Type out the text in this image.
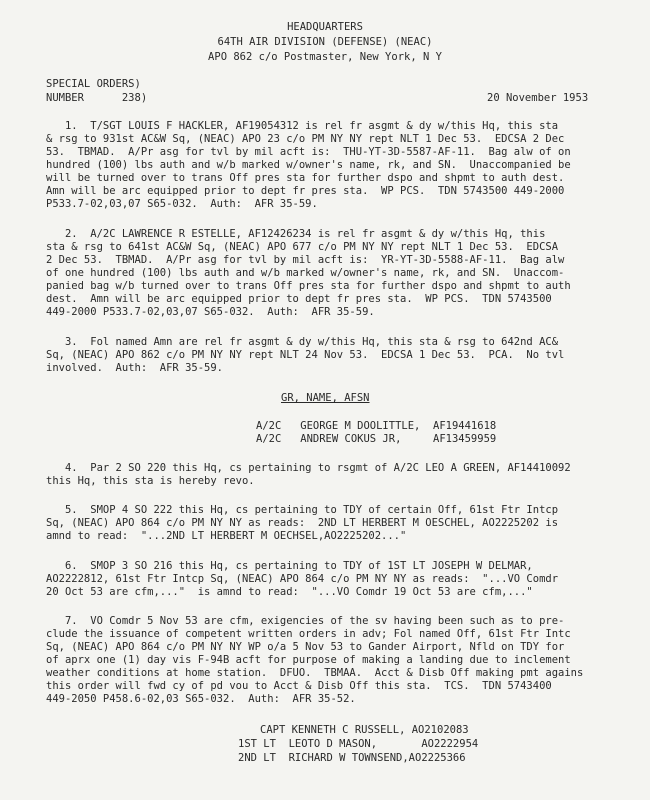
HEADQUARTERS
64TH AIR DIVISION (DEFENSE) (NEAC)
APO 862 c/o Postmaster, New York, N Y
SPECIAL ORDERS)
NUMBER      238)	20 November 1953
1.  T/SGT LOUIS F HACKLER, AF19054312 is rel fr asgmt & dy w/this Hq, this sta
& rsg to 931st AC&W Sq, (NEAC) APO 23 c/o PM NY NY rept NLT 1 Dec 53.  EDCSA 2 Dec
53.  TBMAD.  A/Pr asg for tvl by mil acft is:  THU-YT-3D-5587-AF-11.  Bag alw of on
hundred (100) lbs auth and w/b marked w/owner's name, rk, and SN.  Unaccompanied be
will be turned over to trans Off pres sta for further dspo and shpmt to auth dest.
Amn will be arc equipped prior to dept fr pres sta.  WP PCS.  TDN 5743500 449-2000
P533.7-02,03,07 S65-032.  Auth:  AFR 35-59.
2.  A/2C LAWRENCE R ESTELLE, AF12426234 is rel fr asgmt & dy w/this Hq, this
sta & rsg to 641st AC&W Sq, (NEAC) APO 677 c/o PM NY NY rept NLT 1 Dec 53.  EDCSA
2 Dec 53.  TBMAD.  A/Pr asg for tvl by mil acft is:  YR-YT-3D-5588-AF-11.  Bag alw
of one hundred (100) lbs auth and w/b marked w/owner's name, rk, and SN.  Unaccom-
panied bag w/b turned over to trans Off pres sta for further dspo and shpmt to auth
dest.  Amn will be arc equipped prior to dept fr pres sta.  WP PCS.  TDN 5743500
449-2000 P533.7-02,03,07 S65-032.  Auth:  AFR 35-59.
3.  Fol named Amn are rel fr asgmt & dy w/this Hq, this sta & rsg to 642nd AC&
Sq, (NEAC) APO 862 c/o PM NY NY rept NLT 24 Nov 53.  EDCSA 1 Dec 53.  PCA.  No tvl
involved.  Auth:  AFR 35-59.
GR, NAME, AFSN
A/2C   GEORGE M DOOLITTLE,  AF19441618
A/2C   ANDREW COKUS JR,     AF13459959
4.  Par 2 SO 220 this Hq, cs pertaining to rsgmt of A/2C LEO A GREEN, AF14410092
this Hq, this sta is hereby revo.
5.  SMOP 4 SO 222 this Hq, cs pertaining to TDY of certain Off, 61st Ftr Intcp
Sq, (NEAC) APO 864 c/o PM NY NY as reads:  2ND LT HERBERT M OESCHEL, AO2225202 is
amnd to read:  "...2ND LT HERBERT M OECHSEL,AO2225202..."
6.  SMOP 3 SO 216 this Hq, cs pertaining to TDY of 1ST LT JOSEPH W DELMAR,
AO2222812, 61st Ftr Intcp Sq, (NEAC) APO 864 c/o PM NY NY as reads:  "...VO Comdr
20 Oct 53 are cfm,..."  is amnd to read:  "...VO Comdr 19 Oct 53 are cfm,..."
7.  VO Comdr 5 Nov 53 are cfm, exigencies of the sv having been such as to pre-
clude the issuance of competent written orders in adv; Fol named Off, 61st Ftr Intc
Sq, (NEAC) APO 864 c/o PM NY NY WP o/a 5 Nov 53 to Gander Airport, Nfld on TDY for
of aprx one (1) day vis F-94B acft for purpose of making a landing due to inclement
weather conditions at home station.  DFUO.  TBMAA.  Acct & Disb Off making pmt agains
this order will fwd cy of pd vou to Acct & Disb Off this sta.  TCS.  TDN 5743400
449-2050 P458.6-02,03 S65-032.  Auth:  AFR 35-52.
CAPT KENNETH C RUSSELL, AO2102083
1ST LT  LEOTO D MASON,       AO2222954
2ND LT  RICHARD W TOWNSEND,AO2225366
